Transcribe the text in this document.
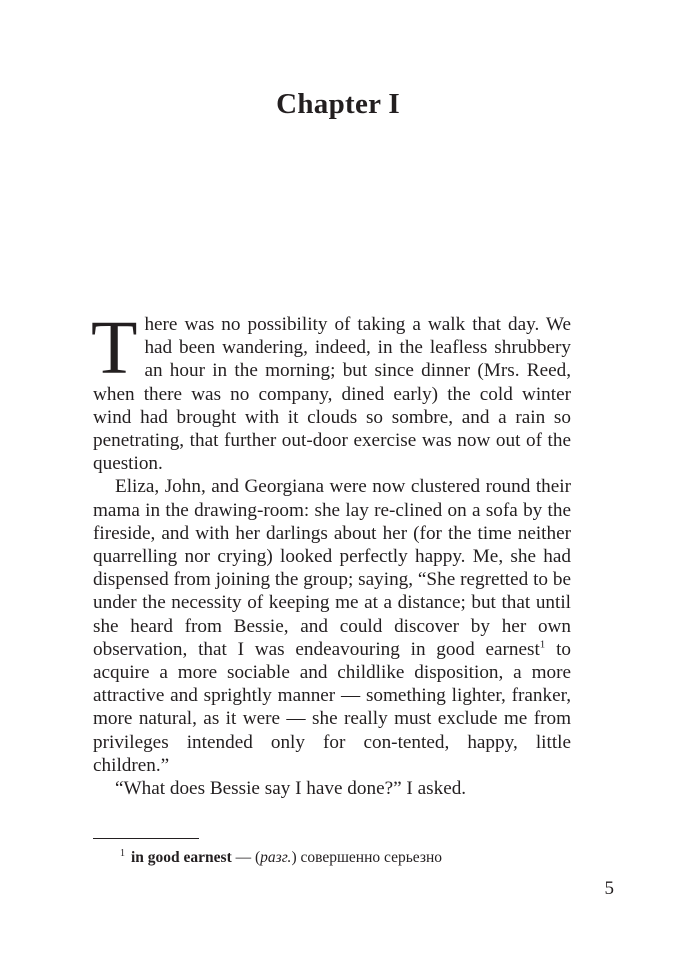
Chapter I

There was no possibility of taking a walk that day. We had been wandering, indeed, in the leafless shrubbery an hour in the morning; but since dinner (Mrs. Reed, when there was no company, dined early) the cold winter wind had brought with it clouds so sombre, and a rain so penetrating, that further out-door exercise was now out of the question.

Eliza, John, and Georgiana were now clustered round their mama in the drawing-room: she lay re-clined on a sofa by the fireside, and with her darlings about her (for the time neither quarrelling nor crying) looked perfectly happy. Me, she had dispensed from joining the group; saying, “She regretted to be under the necessity of keeping me at a distance; but that until she heard from Bessie, and could discover by her own observation, that I was endeavouring in good earnest$^1$ to acquire a more sociable and childlike disposition, a more attractive and sprightly manner — something lighter, franker, more natural, as it were — she really must exclude me from privileges intended only for con-tented, happy, little children.”

“What does Bessie say I have done?” I asked.

$^1$ in good earnest — (разг.) совершенно серьезно
5
